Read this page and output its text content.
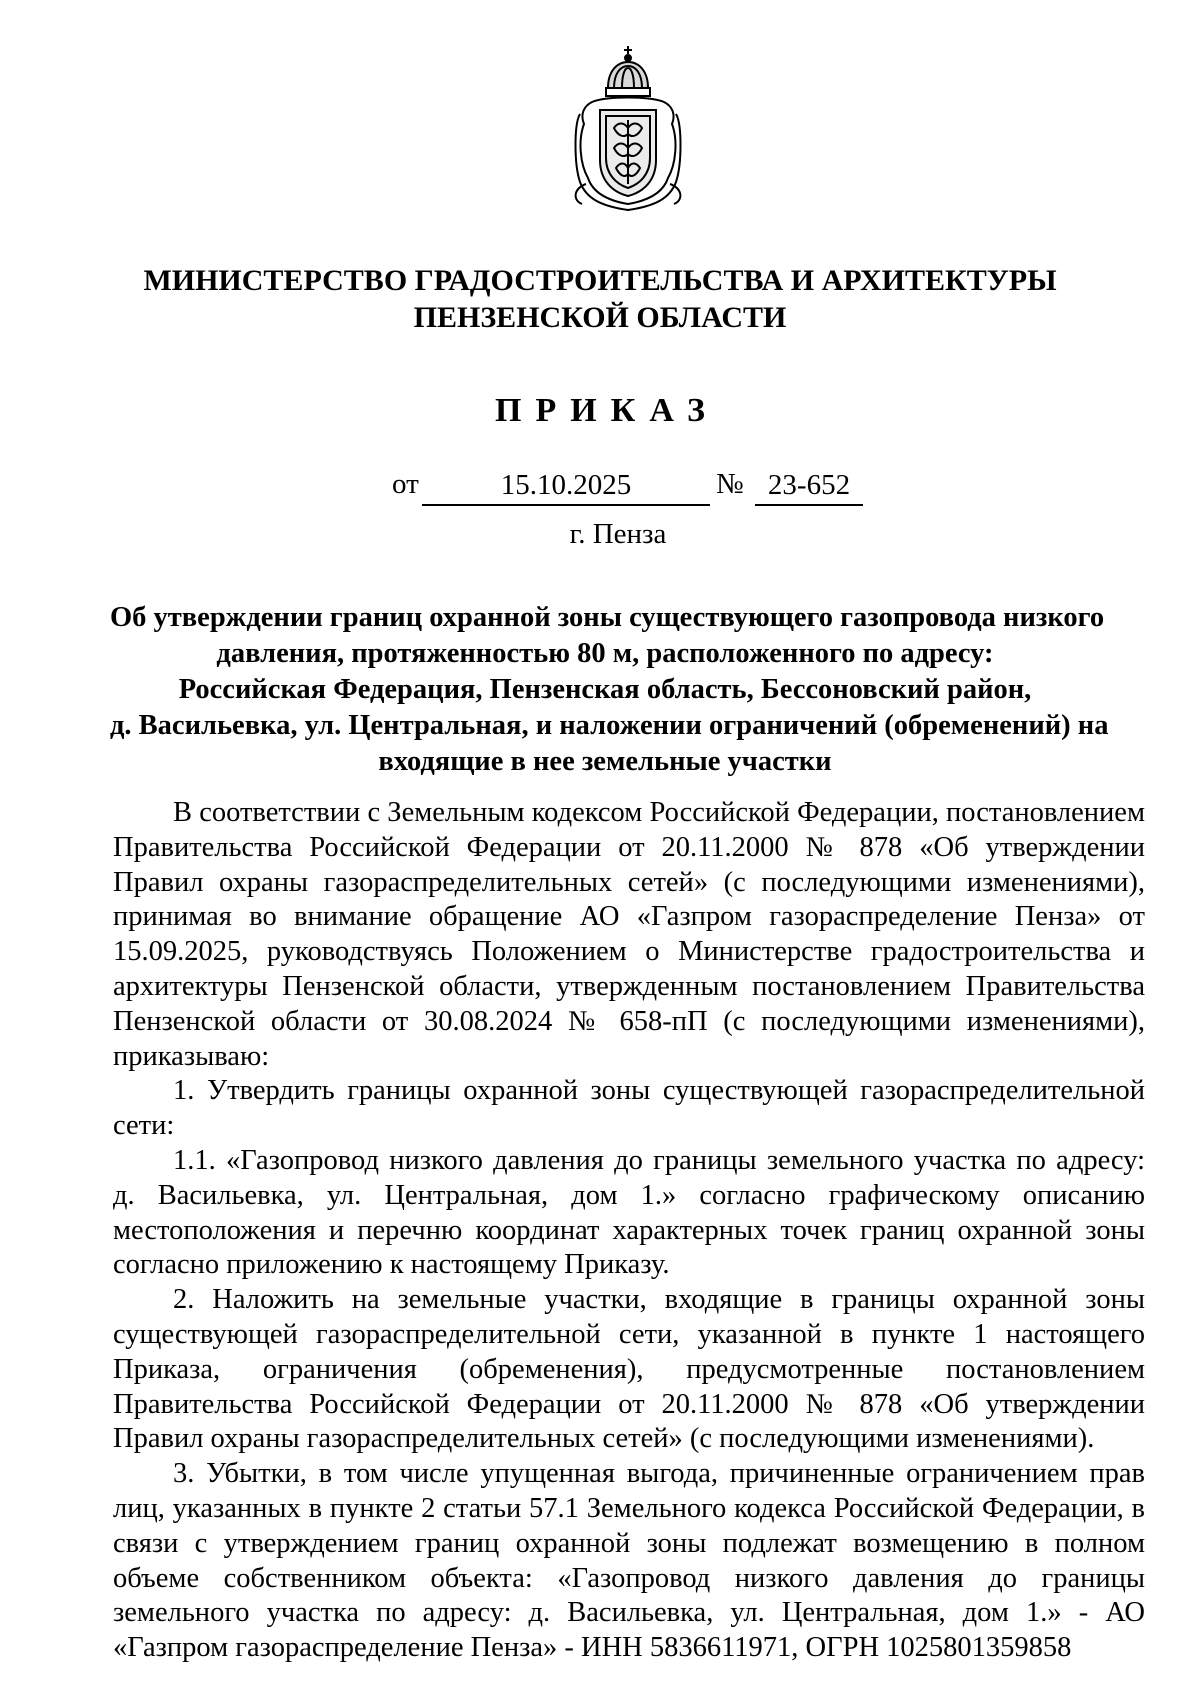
МИНИСТЕРСТВО ГРАДОСТРОИТЕЛЬСТВА И АРХИТЕКТУРЫ
ПЕНЗЕНСКОЙ ОБЛАСТИ
ПРИКАЗ
от	15.10.2025	№ 23-652
г. Пенза
Об утверждении границ охранной зоны существующего газопровода низкого
давления, протяженностью 80 м, расположенного по адресу:
Российская Федерация, Пензенская область, Бессоновский район,
д. Васильевка, ул. Центральная, и наложении ограничений (обременений) на
входящие в нее земельные участки

В соответствии с Земельным кодексом Российской Федерации, постановлением Правительства Российской Федерации от 20.11.2000 № 878 «Об утверждении Правил охраны газораспределительных сетей» (с последующими изменениями), принимая во внимание обращение АО «Газпром газораспределение Пенза» от 15.09.2025, руководствуясь Положением о Министерстве градостроительства и архитектуры Пензенской области, утвержденным постановлением Правительства Пензенской области от 30.08.2024 № 658-пП (с последующими изменениями), приказываю:

1. Утвердить границы охранной зоны существующей газораспределительной сети:

1.1. «Газопровод низкого давления до границы земельного участка по адресу: д. Васильевка, ул. Центральная, дом 1.» согласно графическому описанию местоположения и перечню координат характерных точек границ охранной зоны согласно приложению к настоящему Приказу.

2. Наложить на земельные участки, входящие в границы охранной зоны существующей газораспределительной сети, указанной в пункте 1 настоящего Приказа, ограничения (обременения), предусмотренные постановлением Правительства Российской Федерации от 20.11.2000 № 878 «Об утверждении Правил охраны газораспределительных сетей» (с последующими изменениями).

3. Убытки, в том числе упущенная выгода, причиненные ограничением прав лиц, указанных в пункте 2 статьи 57.1 Земельного кодекса Российской Федерации, в связи с утверждением границ охранной зоны подлежат возмещению в полном объеме собственником объекта: «Газопровод низкого давления до границы земельного участка по адресу: д. Васильевка, ул. Центральная, дом 1.» - АО «Газпром газораспределение Пенза» - ИНН 5836611971, ОГРН 1025801359858
